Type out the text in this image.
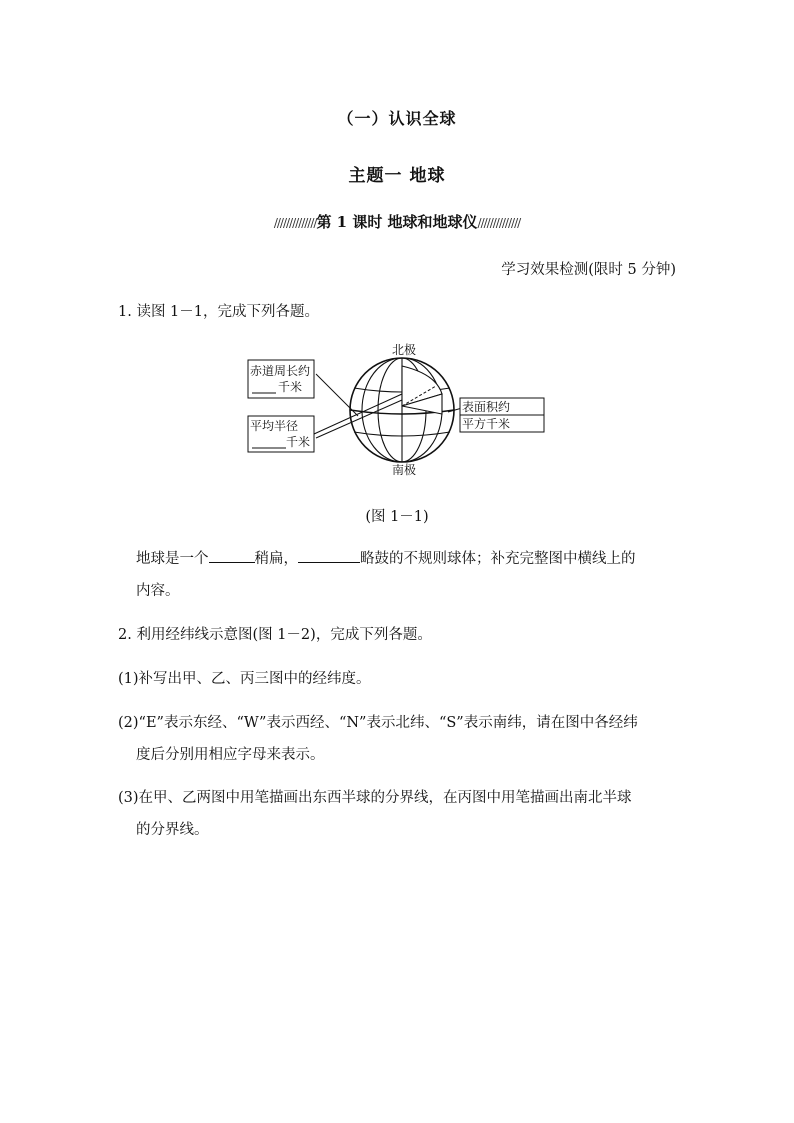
（一）认识全球
主题一 地球
//////////////第 1 课时 地球和地球仪//////////////
学习效果检测(限时 5 分钟)
1. 读图 1－1，完成下列各题。
北极
南极
赤道周长约
千米
平均半径
千米
表面积约
平方千米
(图 1－1)
地球是一个	稍扁，	略鼓的不规则球体；补充完整图中横线上的
内容。
2. 利用经纬线示意图(图 1－2)，完成下列各题。
(1)补写出甲、乙、丙三图中的经纬度。
(2)“E”表示东经、“W”表示西经、“N”表示北纬、“S”表示南纬，请在图中各经纬
度后分别用相应字母来表示。
(3)在甲、乙两图中用笔描画出东西半球的分界线，在丙图中用笔描画出南北半球
的分界线。
